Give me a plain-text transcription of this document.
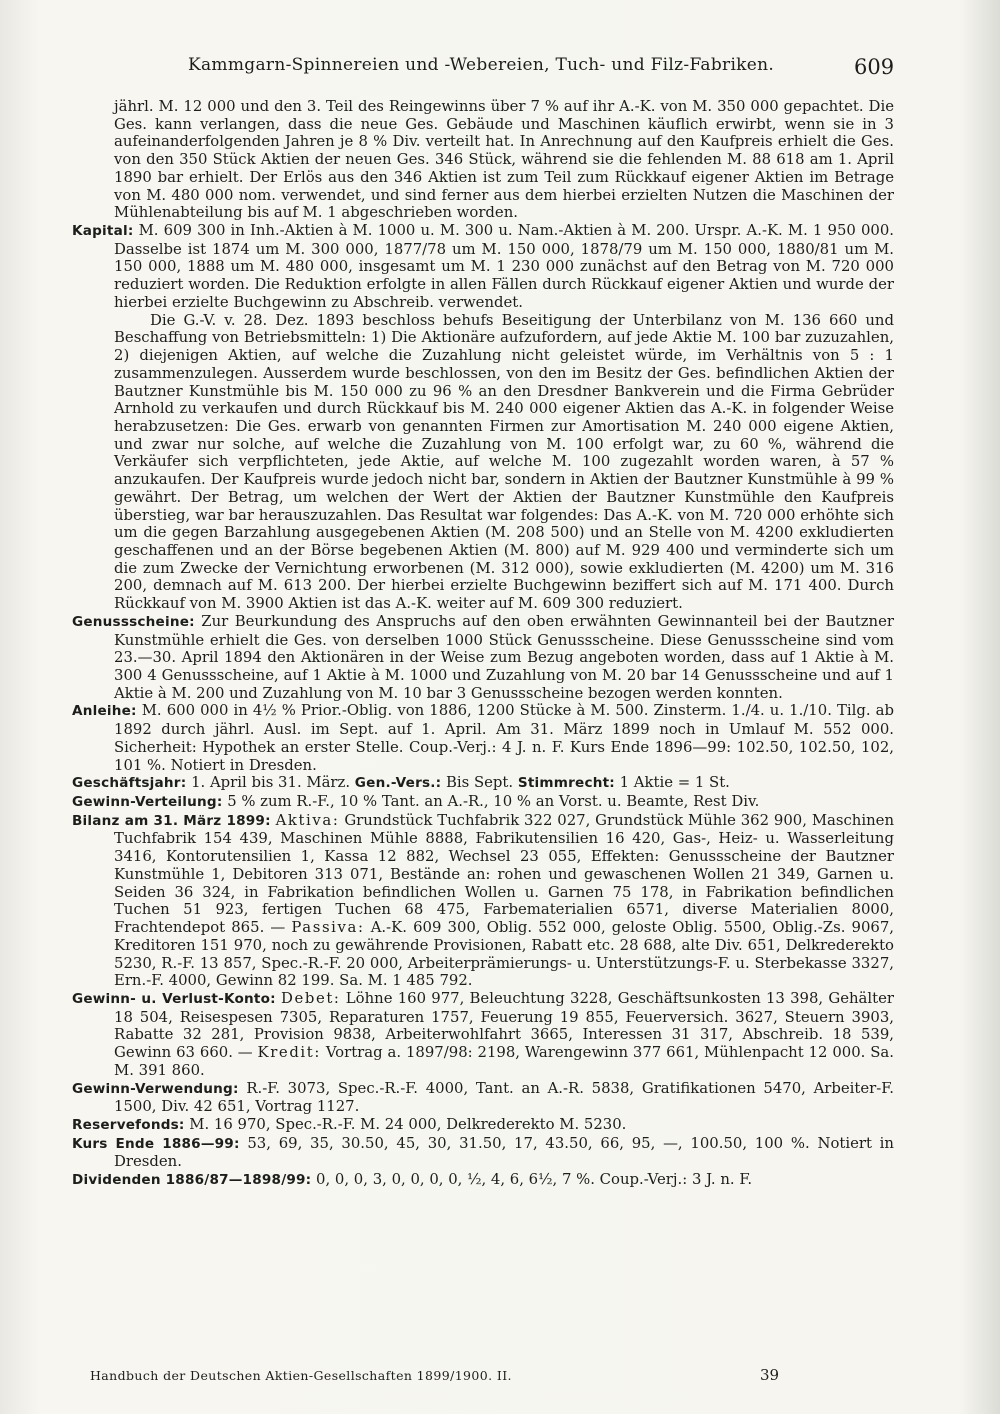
Kammgarn-Spinnereien und -Webereien, Tuch- und Filz-Fabriken.	609

jährl. M. 12 000 und den 3. Teil des Reingewinns über 7 % auf ihr A.-K. von M. 350 000 gepachtet. Die Ges. kann verlangen, dass die neue Ges. Gebäude und Maschinen käuflich erwirbt, wenn sie in 3 aufeinanderfolgenden Jahren je 8 % Div. verteilt hat. In Anrechnung auf den Kaufpreis erhielt die Ges. von den 350 Stück Aktien der neuen Ges. 346 Stück, während sie die fehlenden M. 88 618 am 1. April 1890 bar erhielt. Der Erlös aus den 346 Aktien ist zum Teil zum Rückkauf eigener Aktien im Betrage von M. 480 000 nom. verwendet, und sind ferner aus dem hierbei erzielten Nutzen die Maschinen der Mühlenabteilung bis auf M. 1 abgeschrieben worden.

Kapital: M. 609 300 in Inh.-Aktien à M. 1000 u. M. 300 u. Nam.-Aktien à M. 200. Urspr. A.-K. M. 1 950 000. Dasselbe ist 1874 um M. 300 000, 1877/78 um M. 150 000, 1878/79 um M. 150 000, 1880/81 um M. 150 000, 1888 um M. 480 000, insgesamt um M. 1 230 000 zunächst auf den Betrag von M. 720 000 reduziert worden. Die Reduktion erfolgte in allen Fällen durch Rückkauf eigener Aktien und wurde der hierbei erzielte Buchgewinn zu Abschreib. verwendet.

Die G.-V. v. 28. Dez. 1893 beschloss behufs Beseitigung der Unterbilanz von M. 136 660 und Beschaffung von Betriebsmitteln: 1) Die Aktionäre aufzufordern, auf jede Aktie M. 100 bar zuzuzahlen, 2) diejenigen Aktien, auf welche die Zuzahlung nicht geleistet würde, im Verhältnis von 5 : 1 zusammenzulegen. Ausserdem wurde beschlossen, von den im Besitz der Ges. befindlichen Aktien der Bautzner Kunstmühle bis M. 150 000 zu 96 % an den Dresdner Bankverein und die Firma Gebrüder Arnhold zu verkaufen und durch Rückkauf bis M. 240 000 eigener Aktien das A.-K. in folgender Weise herabzusetzen: Die Ges. erwarb von genannten Firmen zur Amortisation M. 240 000 eigene Aktien, und zwar nur solche, auf welche die Zuzahlung von M. 100 erfolgt war, zu 60 %, während die Verkäufer sich verpflichteten, jede Aktie, auf welche M. 100 zugezahlt worden waren, à 57 % anzukaufen. Der Kaufpreis wurde jedoch nicht bar, sondern in Aktien der Bautzner Kunstmühle à 99 % gewährt. Der Betrag, um welchen der Wert der Aktien der Bautzner Kunstmühle den Kaufpreis überstieg, war bar herauszuzahlen. Das Resultat war folgendes: Das A.-K. von M. 720 000 erhöhte sich um die gegen Barzahlung ausgegebenen Aktien (M. 208 500) und an Stelle von M. 4200 exkludierten geschaffenen und an der Börse begebenen Aktien (M. 800) auf M. 929 400 und verminderte sich um die zum Zwecke der Vernichtung erworbenen (M. 312 000), sowie exkludierten (M. 4200) um M. 316 200, demnach auf M. 613 200. Der hierbei erzielte Buchgewinn beziffert sich auf M. 171 400. Durch Rückkauf von M. 3900 Aktien ist das A.-K. weiter auf M. 609 300 reduziert.

Genussscheine: Zur Beurkundung des Anspruchs auf den oben erwähnten Gewinnanteil bei der Bautzner Kunstmühle erhielt die Ges. von derselben 1000 Stück Genussscheine. Diese Genussscheine sind vom 23.—30. April 1894 den Aktionären in der Weise zum Bezug angeboten worden, dass auf 1 Aktie à M. 300 4 Genussscheine, auf 1 Aktie à M. 1000 und Zuzahlung von M. 20 bar 14 Genussscheine und auf 1 Aktie à M. 200 und Zuzahlung von M. 10 bar 3 Genussscheine bezogen werden konnten.

Anleihe: M. 600 000 in 4½ % Prior.-Oblig. von 1886, 1200 Stücke à M. 500. Zinsterm. 1./4. u. 1./10. Tilg. ab 1892 durch jährl. Ausl. im Sept. auf 1. April. Am 31. März 1899 noch in Umlauf M. 552 000. Sicherheit: Hypothek an erster Stelle. Coup.-Verj.: 4 J. n. F. Kurs Ende 1896—99: 102.50, 102.50, 102, 101 %. Notiert in Dresden.

Geschäftsjahr: 1. April bis 31. März. Gen.-Vers.: Bis Sept. Stimmrecht: 1 Aktie = 1 St.

Gewinn-Verteilung: 5 % zum R.-F., 10 % Tant. an A.-R., 10 % an Vorst. u. Beamte, Rest Div.

Bilanz am 31. März 1899: Aktiva: Grundstück Tuchfabrik 322 027, Grundstück Mühle 362 900, Maschinen Tuchfabrik 154 439, Maschinen Mühle 8888, Fabrikutensilien 16 420, Gas-, Heiz- u. Wasserleitung 3416, Kontorutensilien 1, Kassa 12 882, Wechsel 23 055, Effekten: Genussscheine der Bautzner Kunstmühle 1, Debitoren 313 071, Bestände an: rohen und gewaschenen Wollen 21 349, Garnen u. Seiden 36 324, in Fabrikation befindlichen Wollen u. Garnen 75 178, in Fabrikation befindlichen Tuchen 51 923, fertigen Tuchen 68 475, Farbematerialien 6571, diverse Materialien 8000, Frachtendepot 865. — Passiva: A.-K. 609 300, Oblig. 552 000, geloste Oblig. 5500, Oblig.-Zs. 9067, Kreditoren 151 970, noch zu gewährende Provisionen, Rabatt etc. 28 688, alte Div. 651, Delkrederekto 5230, R.-F. 13 857, Spec.-R.-F. 20 000, Arbeiterprämierungs- u. Unterstützungs-F. u. Sterbekasse 3327, Ern.-F. 4000, Gewinn 82 199. Sa. M. 1 485 792.

Gewinn- u. Verlust-Konto: Debet: Löhne 160 977, Beleuchtung 3228, Geschäftsunkosten 13 398, Gehälter 18 504, Reisespesen 7305, Reparaturen 1757, Feuerung 19 855, Feuerversich. 3627, Steuern 3903, Rabatte 32 281, Provision 9838, Arbeiterwohlfahrt 3665, Interessen 31 317, Abschreib. 18 539, Gewinn 63 660. — Kredit: Vortrag a. 1897/98: 2198, Warengewinn 377 661, Mühlenpacht 12 000. Sa. M. 391 860.

Gewinn-Verwendung: R.-F. 3073, Spec.-R.-F. 4000, Tant. an A.-R. 5838, Gratifikationen 5470, Arbeiter-F. 1500, Div. 42 651, Vortrag 1127.

Reservefonds: M. 16 970, Spec.-R.-F. M. 24 000, Delkrederekto M. 5230.

Kurs Ende 1886—99: 53, 69, 35, 30.50, 45, 30, 31.50, 17, 43.50, 66, 95, —, 100.50, 100 %. Notiert in Dresden.

Dividenden 1886/87—1898/99: 0, 0, 0, 3, 0, 0, 0, 0, ½, 4, 6, 6½, 7 %. Coup.-Verj.: 3 J. n. F.

Handbuch der Deutschen Aktien-Gesellschaften 1899/1900. II.	39
